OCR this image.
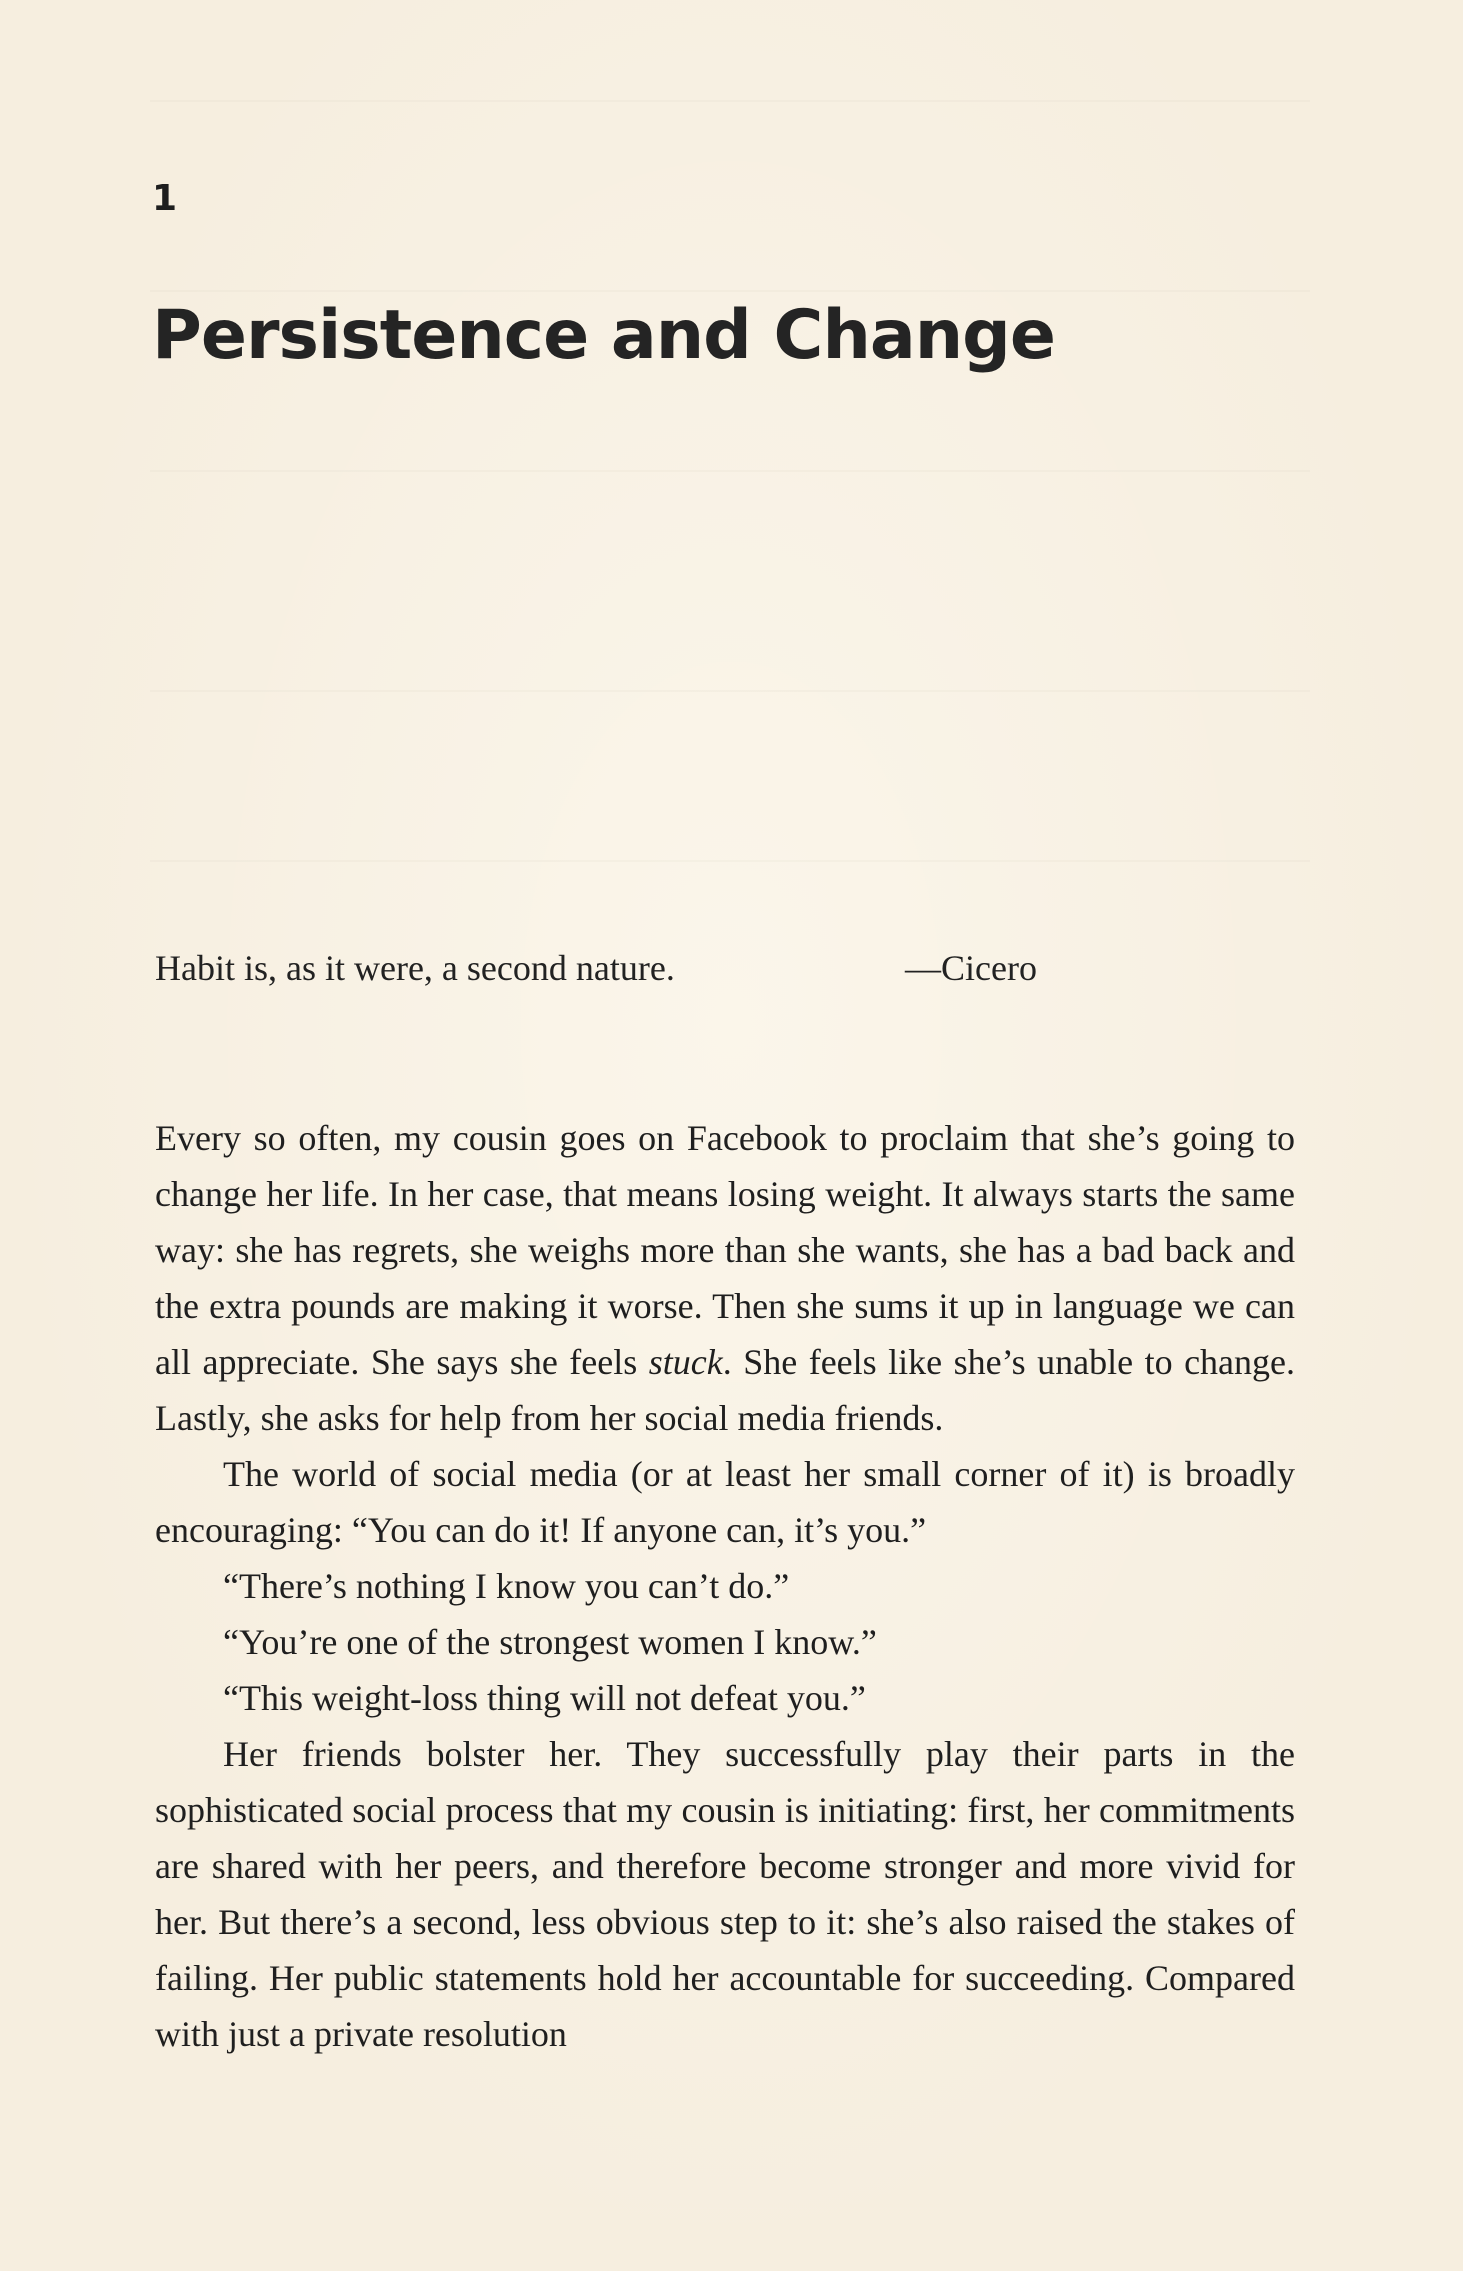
1
Persistence and Change
Habit is, as it were, a second nature.	—Cicero

Every so often, my cousin goes on Facebook to proclaim that she’s going to change her life. In her case, that means losing weight. It always starts the same way: she has regrets, she weighs more than she wants, she has a bad back and the extra pounds are making it worse. Then she sums it up in language we can all appreciate. She says she feels stuck. She feels like she’s unable to change. Lastly, she asks for help from her social media friends.

The world of social media (or at least her small corner of it) is broadly encouraging: “You can do it! If anyone can, it’s you.”

“There’s nothing I know you can’t do.”

“You’re one of the strongest women I know.”

“This weight-loss thing will not defeat you.”

Her friends bolster her. They successfully play their parts in the sophisticated social process that my cousin is initiating: first, her commitments are shared with her peers, and therefore become stronger and more vivid for her. But there’s a second, less obvious step to it: she’s also raised the stakes of failing. Her public statements hold her accountable for succeeding. Compared with just a private resolution
